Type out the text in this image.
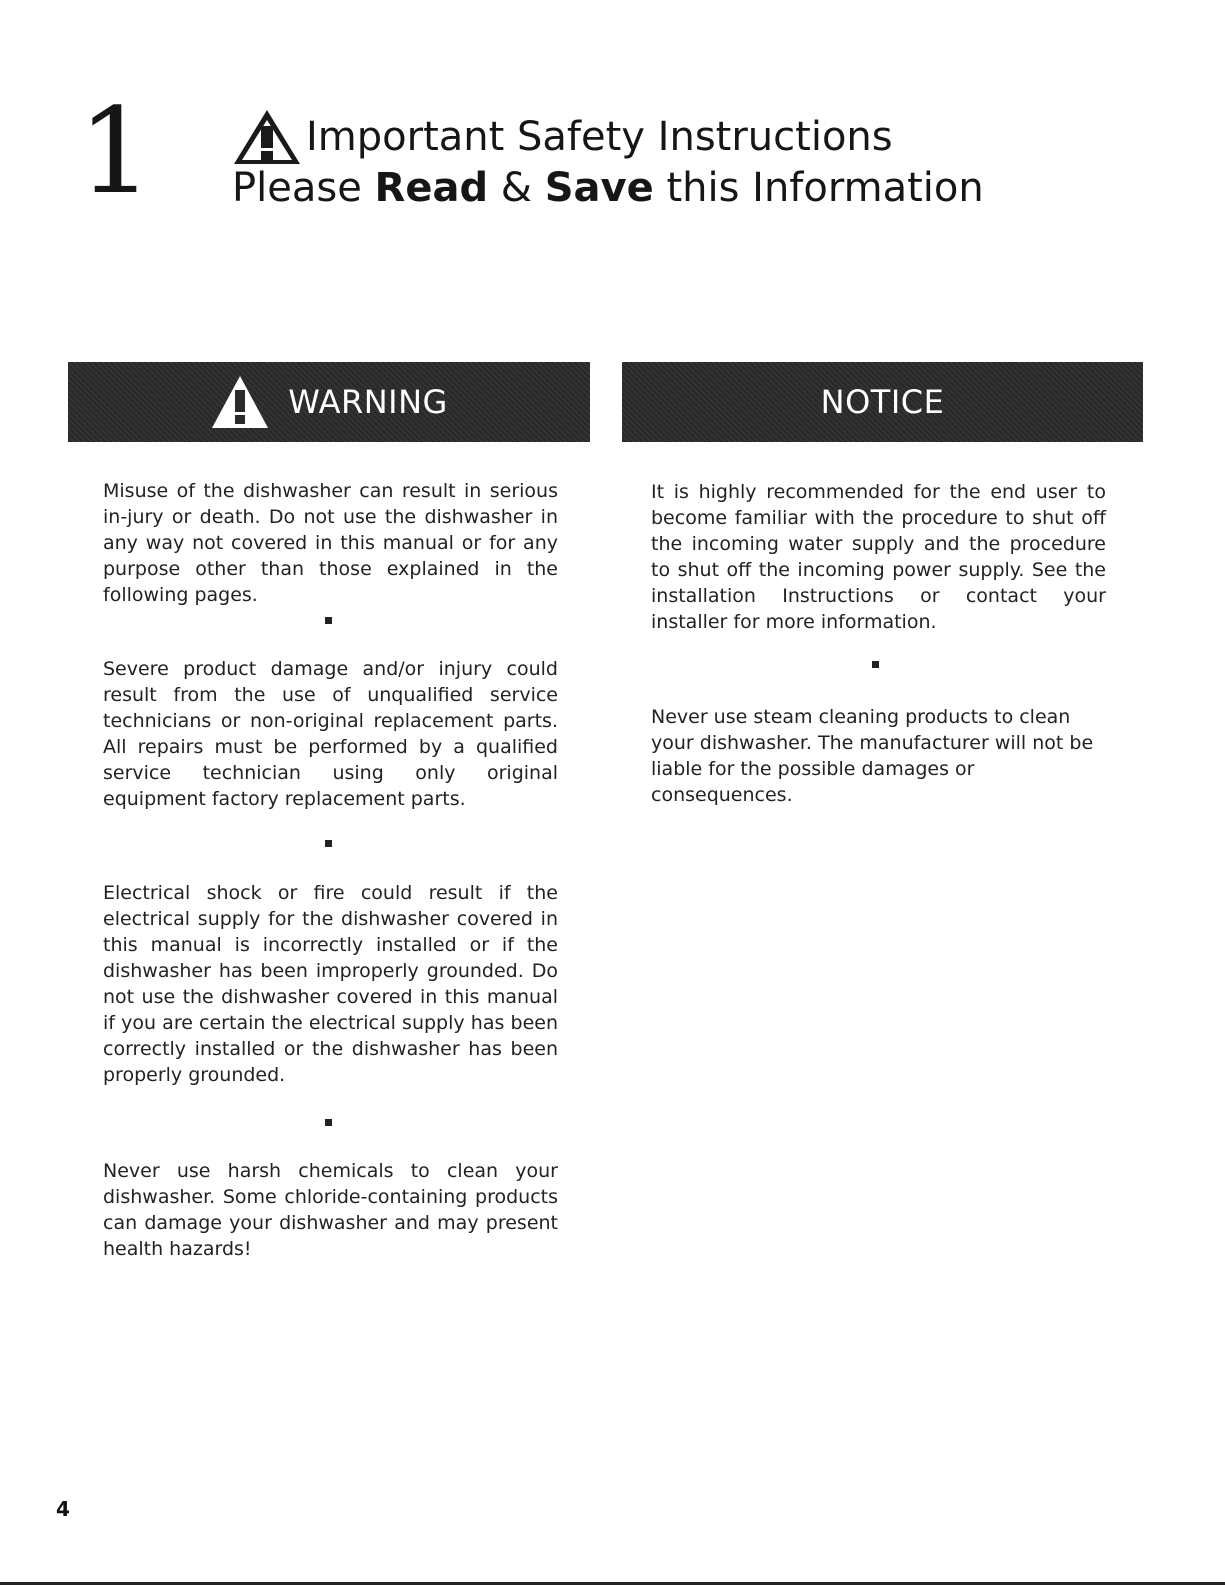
1	Important Safety Instructions
Please Read & Save this Information
WARNING	NOTICE

Misuse of the dishwasher can result in serious in-jury or death. Do not use the dishwasher in any way not covered in this manual or for any purpose other than those explained in the following pages.

Severe product damage and/or injury could result from the use of unqualified service technicians or non-original replacement parts. All repairs must be performed by a qualified service technician using only original equipment factory replacement parts.

Electrical shock or fire could result if the electrical supply for the dishwasher covered in this manual is incorrectly installed or if the dishwasher has been improperly grounded. Do not use the dishwasher covered in this manual if you are certain the electrical supply has been correctly installed or the dishwasher has been properly grounded.

Never use harsh chemicals to clean your dishwasher. Some chloride-containing products can damage your dishwasher and may present health hazards!

It is highly recommended for the end user to become familiar with the procedure to shut off the incoming water supply and the procedure to shut off the incoming power supply. See the installation Instructions or contact your installer for more information.

Never use steam cleaning products to clean your dishwasher. The manufacturer will not be liable for the possible damages or consequences.

4
